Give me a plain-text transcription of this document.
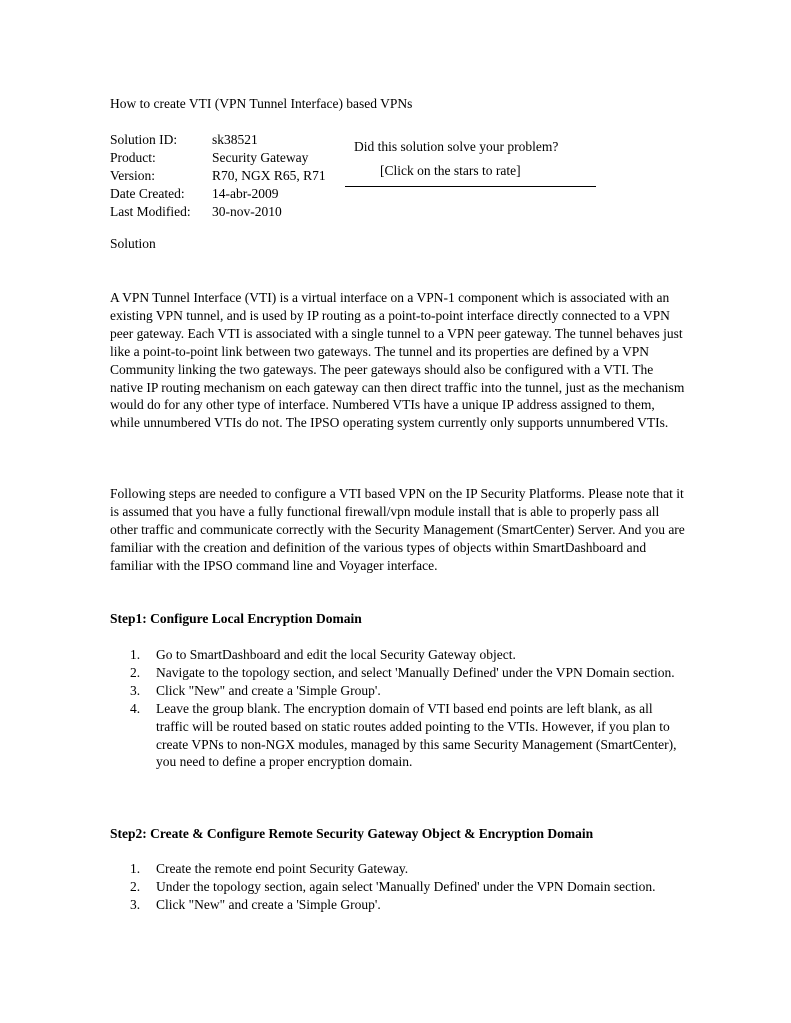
How to create VTI (VPN Tunnel Interface) based VPNs
Solution ID:	sk38521
Product:	Security Gateway
Version:	R70, NGX R65, R71
Date Created:	14-abr-2009
Last Modified:	30-nov-2010
Did this solution solve your problem?
[Click on the stars to rate]
Solution

A VPN Tunnel Interface (VTI) is a virtual interface on a VPN-1 component which is associated with an existing VPN tunnel, and is used by IP routing as a point-to-point interface directly connected to a VPN peer gateway. Each VTI is associated with a single tunnel to a VPN peer gateway. The tunnel behaves just like a point-to-point link between two gateways. The tunnel and its properties are defined by a VPN Community linking the two gateways. The peer gateways should also be configured with a VTI. The native IP routing mechanism on each gateway can then direct traffic into the tunnel, just as the mechanism would do for any other type of interface. Numbered VTIs have a unique IP address assigned to them, while unnumbered VTIs do not. The IPSO operating system currently only supports unnumbered VTIs.

Following steps are needed to configure a VTI based VPN on the IP Security Platforms. Please note that it is assumed that you have a fully functional firewall/vpn module install that is able to properly pass all other traffic and communicate correctly with the Security Management (SmartCenter) Server. And you are familiar with the creation and definition of the various types of objects within SmartDashboard and familiar with the IPSO command line and Voyager interface.

Step1: Configure Local Encryption Domain
1.	Go to SmartDashboard and edit the local Security Gateway object.
2.	Navigate to the topology section, and select 'Manually Defined' under the VPN Domain section.
3.	Click "New" and create a 'Simple Group'.
4.	Leave the group blank. The encryption domain of VTI based end points are left blank, as all traffic will be routed based on static routes added pointing to the VTIs. However, if you plan to create VPNs to non-NGX modules, managed by this same Security Management (SmartCenter), you need to define a proper encryption domain.
Step2: Create & Configure Remote Security Gateway Object & Encryption Domain
1.	Create the remote end point Security Gateway.
2.	Under the topology section, again select 'Manually Defined' under the VPN Domain section.
3.	Click "New" and create a 'Simple Group'.
